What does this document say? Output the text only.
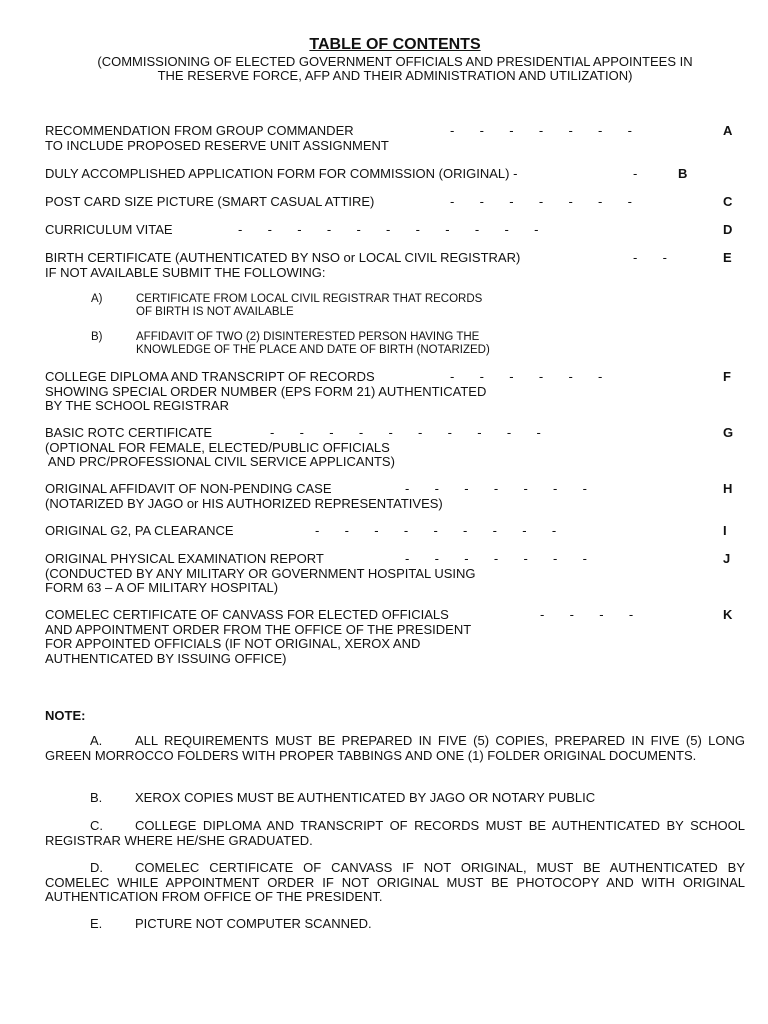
TABLE OF CONTENTS
(COMMISSIONING OF ELECTED GOVERNMENT OFFICIALS AND PRESIDENTIAL APPOINTEES IN
THE RESERVE FORCE, AFP AND THEIR ADMINISTRATION AND UTILIZATION)
RECOMMENDATION FROM GROUP COMMANDER
TO INCLUDE PROPOSED RESERVE UNIT ASSIGNMENT
-       -       -       -       -       -       -	A
DULY ACCOMPLISHED APPLICATION FORM FOR COMMISSION (ORIGINAL) -	-	B
POST CARD SIZE PICTURE (SMART CASUAL ATTIRE)	-       -       -       -       -       -       -	C
CURRICULUM VITAE	-       -       -       -       -       -       -       -       -       -       -	D
BIRTH CERTIFICATE (AUTHENTICATED BY NSO or LOCAL CIVIL REGISTRAR)
IF NOT AVAILABLE SUBMIT THE FOLLOWING:
-       -	E
A)	CERTIFICATE FROM LOCAL CIVIL REGISTRAR THAT RECORDS
OF BIRTH IS NOT AVAILABLE
B)	AFFIDAVIT OF TWO (2) DISINTERESTED PERSON HAVING THE
KNOWLEDGE OF THE PLACE AND DATE OF BIRTH (NOTARIZED)
COLLEGE DIPLOMA AND TRANSCRIPT OF RECORDS
SHOWING SPECIAL ORDER NUMBER (EPS FORM 21) AUTHENTICATED
BY THE SCHOOL REGISTRAR
-       -       -       -       -       -	F
BASIC ROTC CERTIFICATE
(OPTIONAL FOR FEMALE, ELECTED/PUBLIC OFFICIALS
AND PRC/PROFESSIONAL CIVIL SERVICE APPLICANTS)
-       -       -       -       -       -       -       -       -       -	G
ORIGINAL AFFIDAVIT OF NON-PENDING CASE
(NOTARIZED BY JAGO or HIS AUTHORIZED REPRESENTATIVES)
-       -       -       -       -       -       -	H
ORIGINAL G2, PA CLEARANCE	-       -       -       -       -       -       -       -       -	I
ORIGINAL PHYSICAL EXAMINATION REPORT
(CONDUCTED BY ANY MILITARY OR GOVERNMENT HOSPITAL USING
FORM 63 – A OF MILITARY HOSPITAL)
-       -       -       -       -       -       -	J
COMELEC CERTIFICATE OF CANVASS FOR ELECTED OFFICIALS
AND APPOINTMENT ORDER FROM THE OFFICE OF THE PRESIDENT
FOR APPOINTED OFFICIALS (IF NOT ORIGINAL, XEROX AND
AUTHENTICATED BY ISSUING OFFICE)
-       -       -       -	K
NOTE:
A.	ALL REQUIREMENTS MUST BE PREPARED IN FIVE (5) COPIES, PREPARED IN FIVE (5) LONG GREEN MORROCCO FOLDERS WITH PROPER TABBINGS AND ONE (1) FOLDER ORIGINAL DOCUMENTS.
B.	XEROX COPIES MUST BE AUTHENTICATED BY JAGO OR NOTARY PUBLIC
C. COLLEGE DIPLOMA AND TRANSCRIPT OF RECORDS MUST BE AUTHENTICATED BY SCHOOL REGISTRAR WHERE HE/SHE GRADUATED.
D. COMELEC CERTIFICATE OF CANVASS IF NOT ORIGINAL, MUST BE AUTHENTICATED BY COMELEC WHILE APPOINTMENT ORDER IF NOT ORIGINAL MUST BE PHOTOCOPY AND WITH ORIGINAL AUTHENTICATION FROM OFFICE OF THE PRESIDENT.
E.	PICTURE NOT COMPUTER SCANNED.
